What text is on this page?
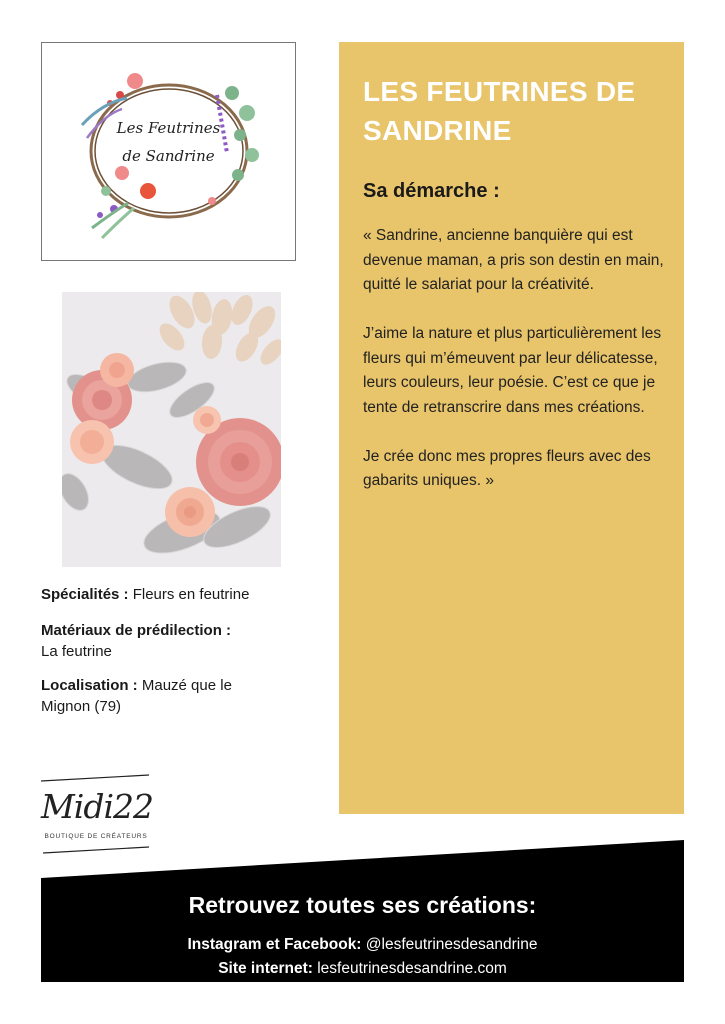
Les Feutrines
de Sandrine
Spécialités : Fleurs en feutrine
Matériaux de prédilection :
La feutrine
Localisation : Mauzé que le
Mignon (79)
LES FEUTRINES DE
SANDRINE
Sa démarche :

« Sandrine, ancienne banquière qui est devenue maman, a pris son destin en main, quitté le salariat pour la créativité.

J’aime la nature et plus particulièrement les fleurs qui m’émeuvent par leur délicatesse, leurs couleurs, leur poésie. C’est ce que je tente de retranscrire dans mes créations.

Je crée donc mes propres fleurs avec des gabarits uniques. »

Midi22
BOUTIQUE DE CRÉATEURS
Retrouvez toutes ses créations:
Instagram et Facebook: @lesfeutrinesdesandrine
Site internet: lesfeutrinesdesandrine.com
